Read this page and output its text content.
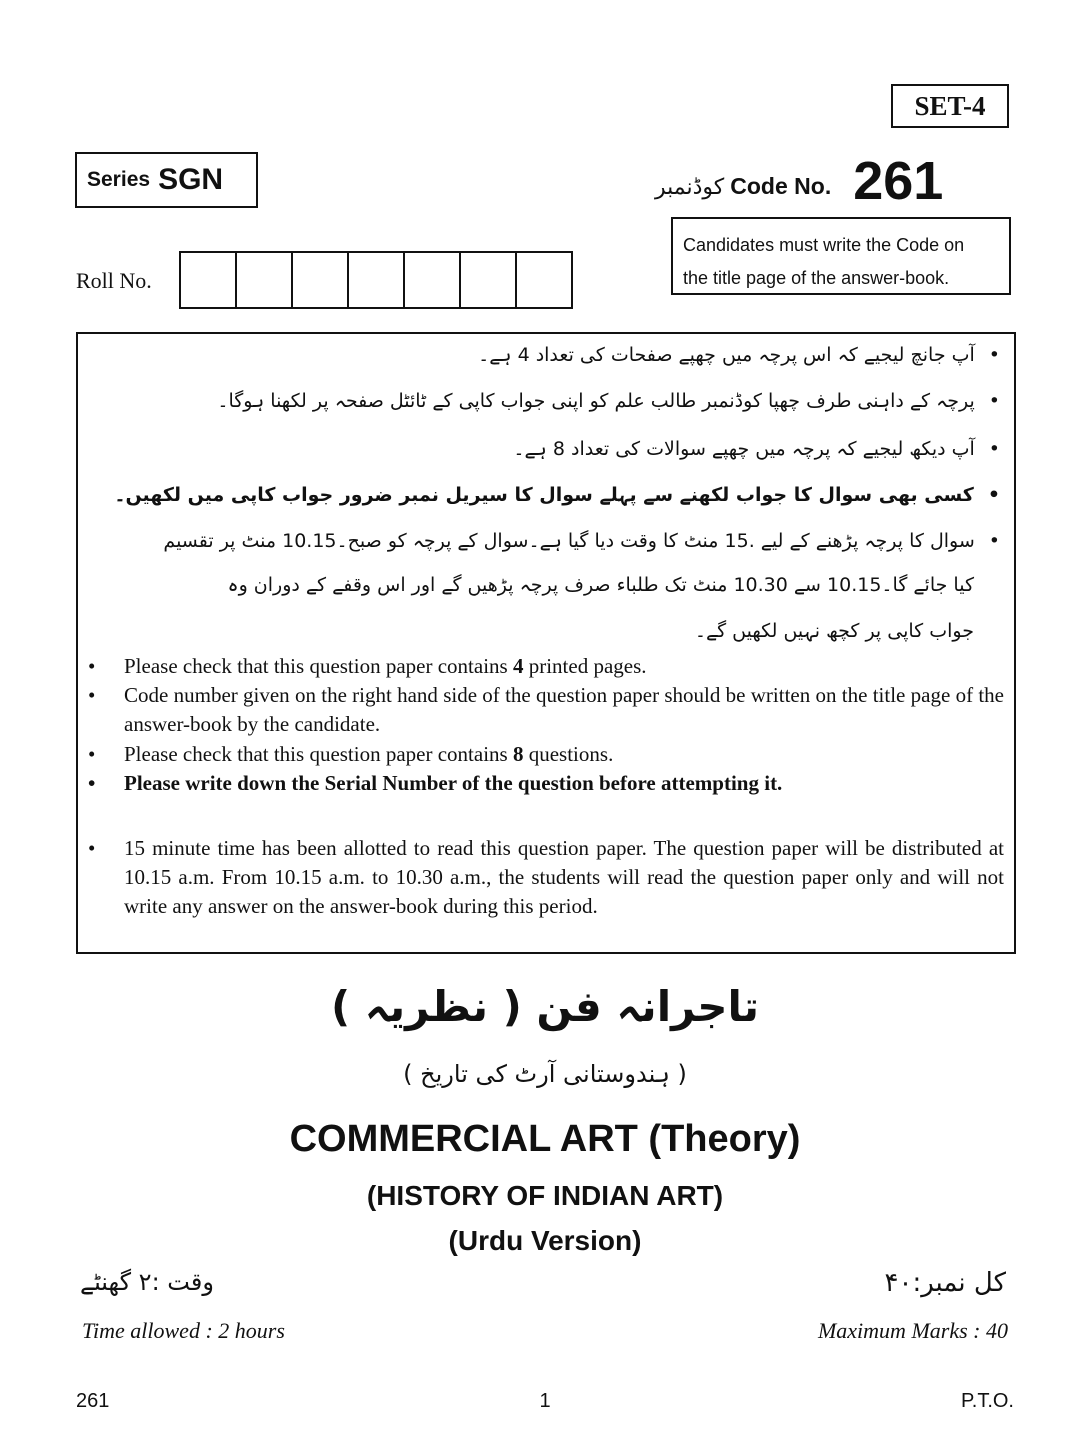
SET-4
Series SGN	کوڈنمبر Code No. 261
Candidates must write the Code on
the title page of the answer-book.
Roll No.
•آپ جانچ لیجیے کہ اس پرچہ میں چھپے صفحات کی تعداد 4 ہے۔
•پرچہ کے داہنی طرف چھپا کوڈنمبر طالب علم کو اپنی جواب کاپی کے ٹائٹل صفحہ پر لکھنا ہوگا۔
•آپ دیکھ لیجیے کہ پرچہ میں چھپے سوالات کی تعداد 8 ہے۔
•کسی بھی سوال کا جواب لکھنے سے پہلے سوال کا سیریل نمبر ضرور جواب کاپی میں لکھیں۔
•سوال کا پرچہ پڑھنے کے لیے .15 منٹ کا وقت دیا گیا ہے۔سوال کے پرچہ کو صبح۔10.15 منٹ پر تقسیم
کیا جائے گا۔10.15 سے 10.30 منٹ تک طلباء صرف پرچہ پڑھیں گے اور اس وقفے کے دوران وہ
جواب کاپی پر کچھ نہیں لکھیں گے۔
•	Please check that this question paper contains 4 printed pages.
•	Code number given on the right hand side of the question paper should be written on the title page of the answer-book by the candidate.
•	Please check that this question paper contains 8 questions.
•	Please write down the Serial Number of the question before attempting it.
•	15 minute time has been allotted to read this question paper. The question paper will be distributed at 10.15 a.m. From 10.15 a.m. to 10.30 a.m., the students will read the question paper only and will not write any answer on the answer-book during this period.
تاجرانہ فن ( نظریہ )
( ہندوستانی آرٹ کی تاریخ )
COMMERCIAL ART (Theory)
(HISTORY OF INDIAN ART)
(Urdu Version)
وقت :۲ گھنٹے	کل نمبر:۴۰
Time allowed : 2 hours	Maximum Marks : 40
261	1	P.T.O.
